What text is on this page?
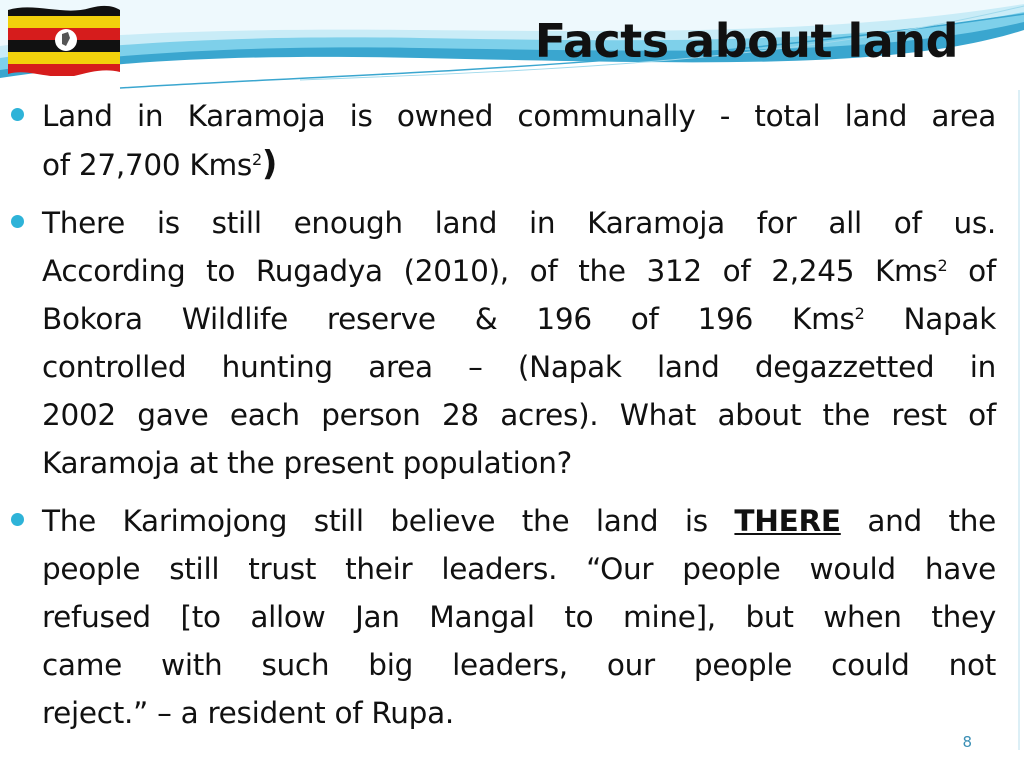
Facts about land
Land in Karamoja is owned communally - total land area
of 27,700 Kms$^2$)
There is still enough land in Karamoja for all of us.
According to Rugadya (2010), of the 312 of 2,245 Kms$^2$ of
Bokora Wildlife reserve & 196 of 196 Kms$^2$ Napak
controlled hunting area – (Napak land degazzetted in
2002 gave each person 28 acres). What about the rest of
Karamoja at the present population?
The Karimojong still believe the land is THERE and the
people still trust their leaders. “Our people would have
refused [to allow Jan Mangal to mine], but when they
came with such big leaders, our people could not
reject.” – a resident of Rupa.
8
